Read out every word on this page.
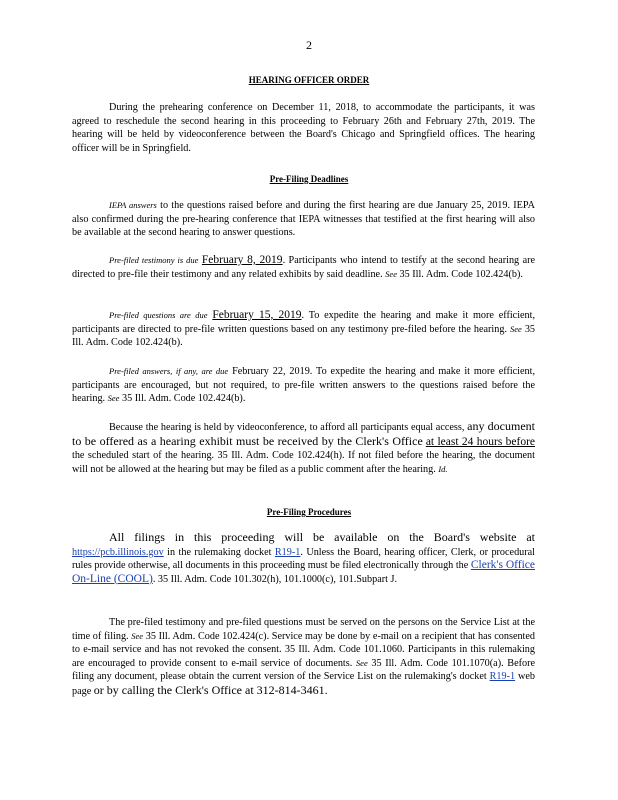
2
HEARING OFFICER ORDER

During the prehearing conference on December 11, 2018, to accommodate the participants, it was agreed to reschedule the second hearing in this proceeding to February 26th and February 27th, 2019. The hearing will be held by videoconference between the Board's Chicago and Springfield offices. The hearing officer will be in Springfield.

Pre-Filing Deadlines

IEPA answers to the questions raised before and during the first hearing are due January 25, 2019. IEPA also confirmed during the pre-hearing conference that IEPA witnesses that testified at the first hearing will also be available at the second hearing to answer questions.

Pre-filed testimony is due February 8, 2019. Participants who intend to testify at the second hearing are directed to pre-file their testimony and any related exhibits by said deadline. See 35 Ill. Adm. Code 102.424(b).

Pre-filed questions are due February 15, 2019. To expedite the hearing and make it more efficient, participants are directed to pre-file written questions based on any testimony pre-filed before the hearing. See 35 Ill. Adm. Code 102.424(b).

Pre-filed answers, if any, are due February 22, 2019. To expedite the hearing and make it more efficient, participants are encouraged, but not required, to pre-file written answers to the questions raised before the hearing. See 35 Ill. Adm. Code 102.424(b).

Because the hearing is held by videoconference, to afford all participants equal access, any document to be offered as a hearing exhibit must be received by the Clerk's Office at least 24 hours before the scheduled start of the hearing. 35 Ill. Adm. Code 102.424(h). If not filed before the hearing, the document will not be allowed at the hearing but may be filed as a public comment after the hearing. Id.

Pre-Filing Procedures

All filings in this proceeding will be available on the Board's website at https://pcb.illinois.gov in the rulemaking docket R19-1. Unless the Board, hearing officer, Clerk, or procedural rules provide otherwise, all documents in this proceeding must be filed electronically through the Clerk's Office On-Line (COOL). 35 Ill. Adm. Code 101.302(h), 101.1000(c), 101.Subpart J.

The pre-filed testimony and pre-filed questions must be served on the persons on the Service List at the time of filing. See 35 Ill. Adm. Code 102.424(c). Service may be done by e-mail on a recipient that has consented to e-mail service and has not revoked the consent. 35 Ill. Adm. Code 101.1060. Participants in this rulemaking are encouraged to provide consent to e-mail service of documents. See 35 Ill. Adm. Code 101.1070(a). Before filing any document, please obtain the current version of the Service List on the rulemaking's docket R19-1 web page or by calling the Clerk's Office at 312-814-3461.
